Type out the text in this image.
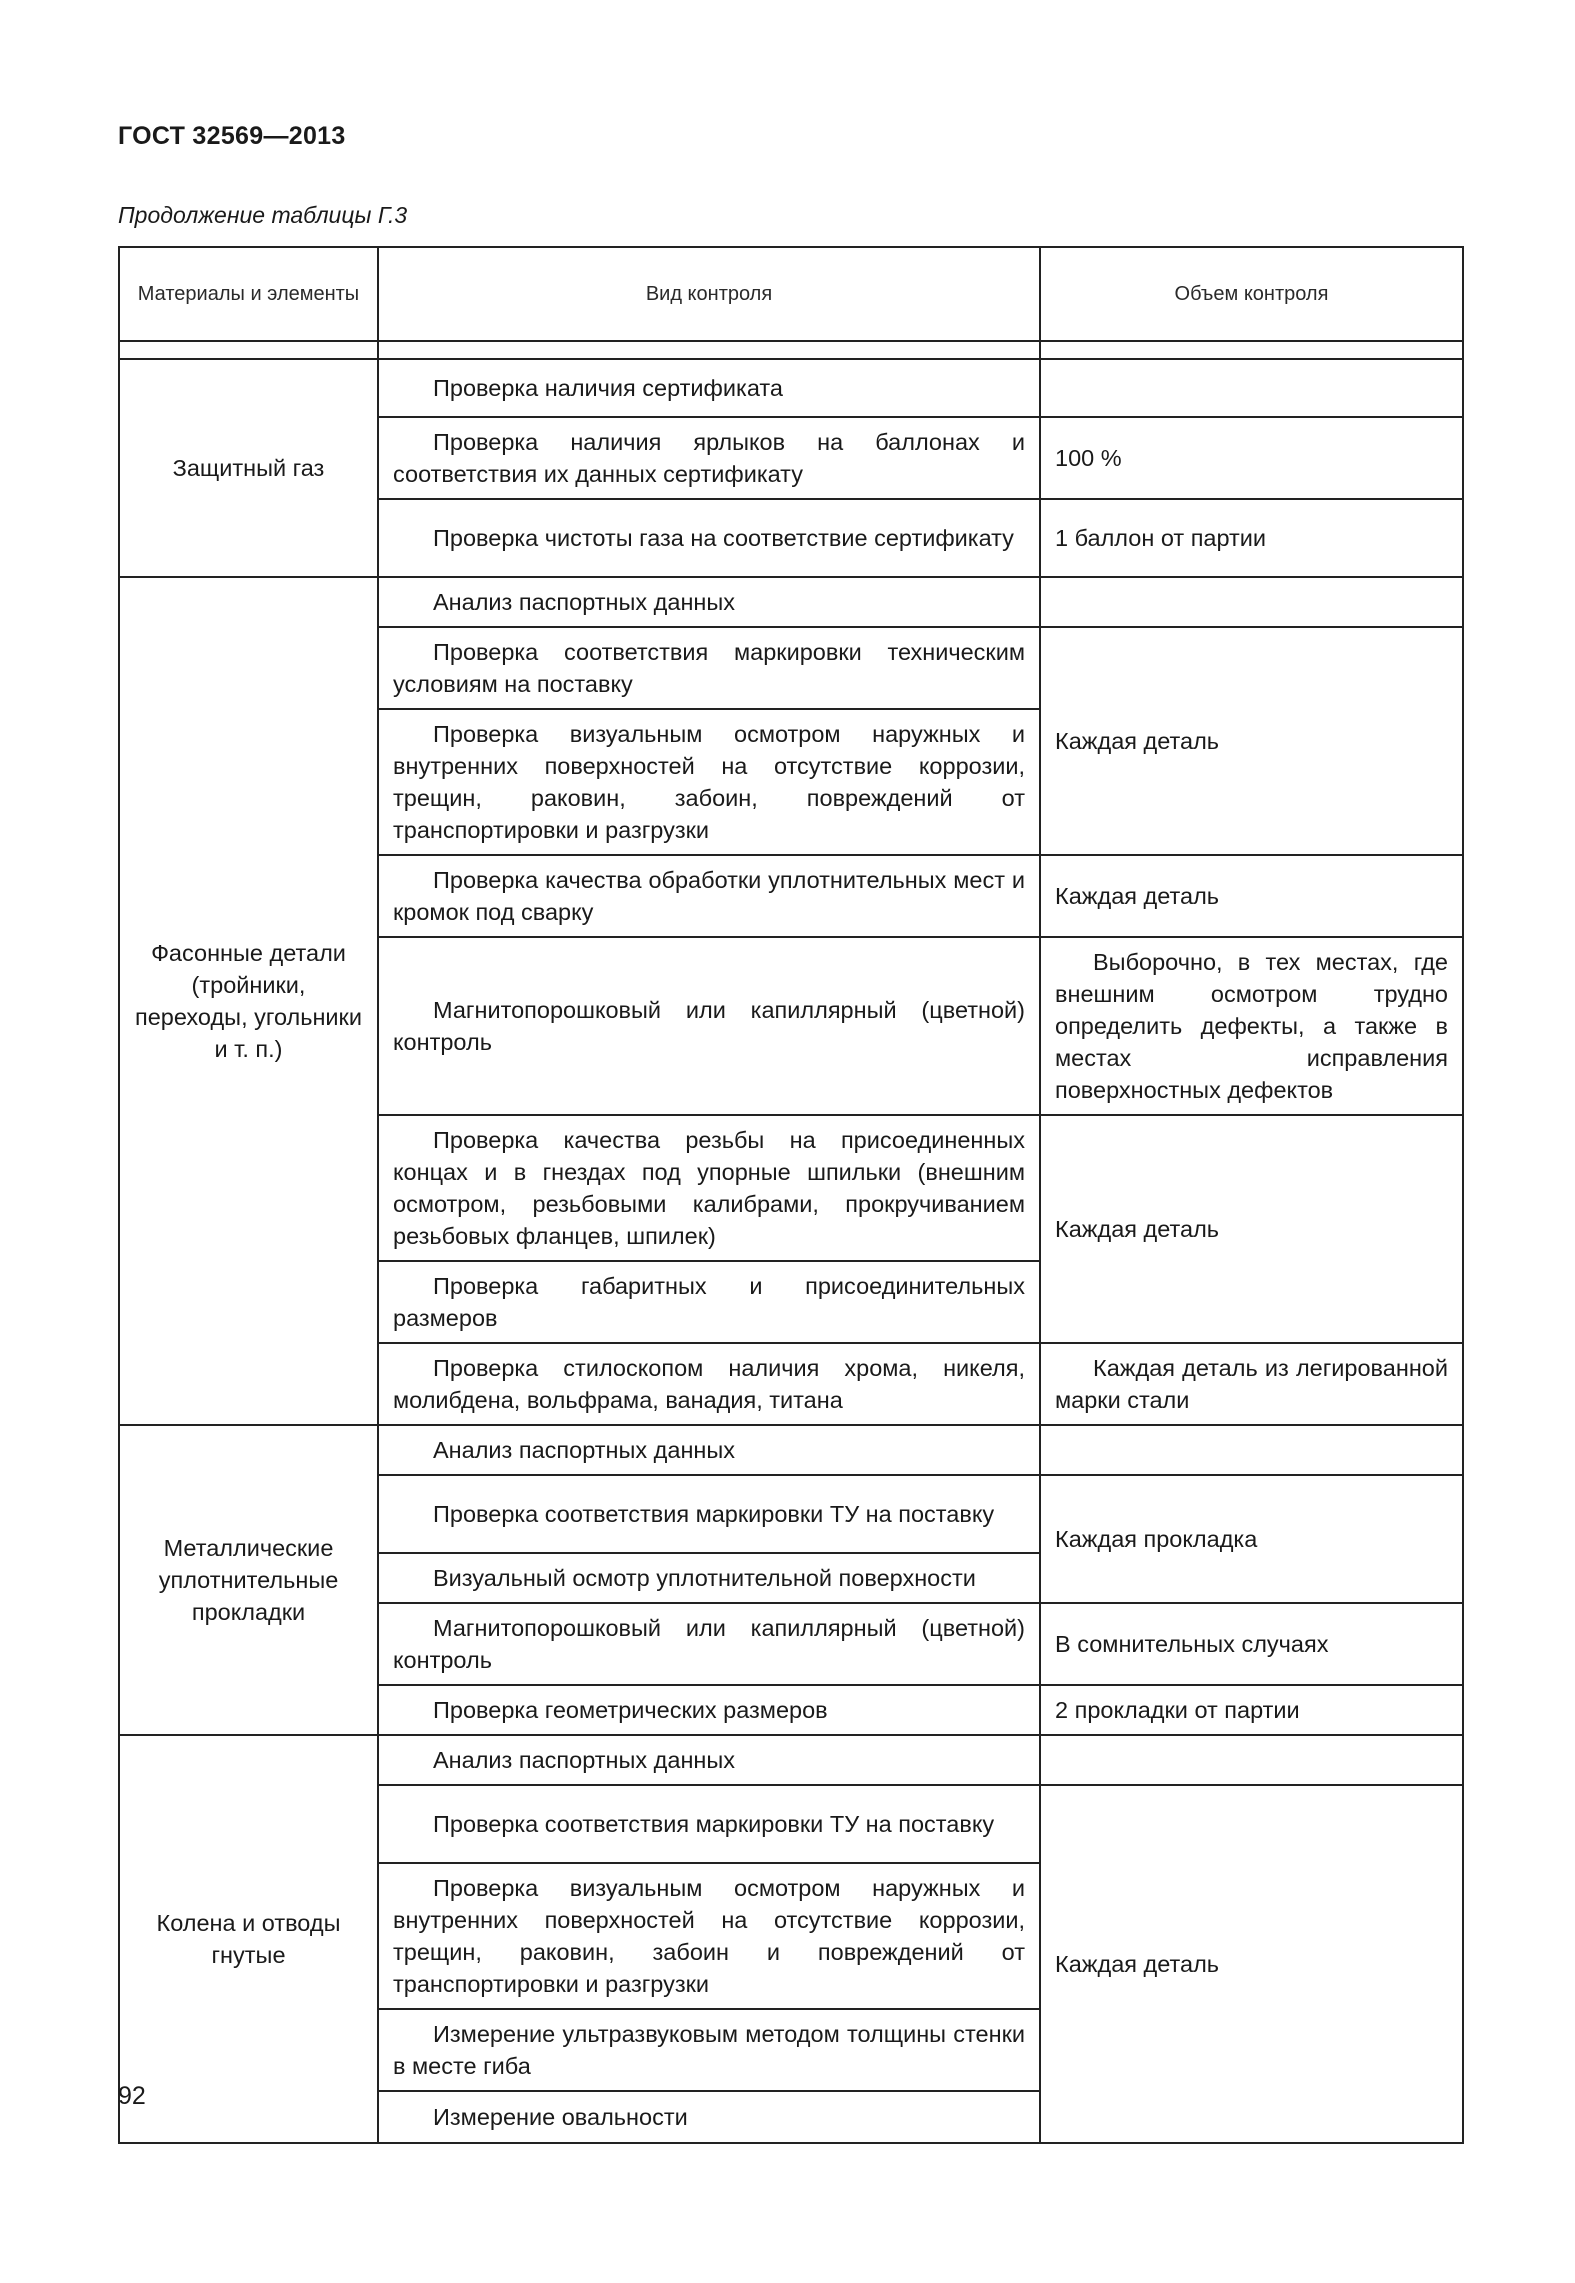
ГОСТ 32569—2013
Продолжение таблицы Г.3
Материалы и элементы	Вид контроля	Объем контроля

Защитный газ	Проверка наличия сертификата	
	Проверка наличия ярлыков на баллонах и соответствия их данных сертификату	100 %
	Проверка чистоты газа на соответствие сертификату	1 баллон от партии
Фасонные детали (тройники, переходы, угольники и т. п.)	Анализ паспортных данных	
	Проверка соответствия маркировки техническим условиям на поставку	Каждая деталь
	Проверка визуальным осмотром наружных и внутренних поверхностей на отсутствие коррозии, трещин, раковин, забоин, повреждений от транспортировки и разгрузки	
	Проверка качества обработки уплотнительных мест и кромок под сварку	Каждая деталь
	Магнитопорошковый или капиллярный (цветной) контроль	Выборочно, в тех местах, где внешним осмотром трудно определить дефекты, а также в местах исправления поверхностных дефектов
	Проверка качества резьбы на присоединенных концах и в гнездах под упорные шпильки (внешним осмотром, резьбовыми калибрами, прокручиванием резьбовых фланцев, шпилек)	Каждая деталь
	Проверка габаритных и присоединительных размеров	
	Проверка стилоскопом наличия хрома, никеля, молибдена, вольфрама, ванадия, титана	Каждая деталь из легированной марки стали
Металлические уплотнительные прокладки	Анализ паспортных данных	
	Проверка соответствия маркировки ТУ на поставку	Каждая прокладка
	Визуальный осмотр уплотнительной поверхности	
	Магнитопорошковый или капиллярный (цветной) контроль	В сомнительных случаях
	Проверка геометрических размеров	2 прокладки от партии
Колена и отводы гнутые	Анализ паспортных данных	
	Проверка соответствия маркировки ТУ на поставку	Каждая деталь
	Проверка визуальным осмотром наружных и внутренних поверхностей на отсутствие коррозии, трещин, раковин, забоин и повреждений от транспортировки и разгрузки	
	Измерение ультразвуковым методом толщины стенки в месте гиба	
	Измерение овальности	
92
